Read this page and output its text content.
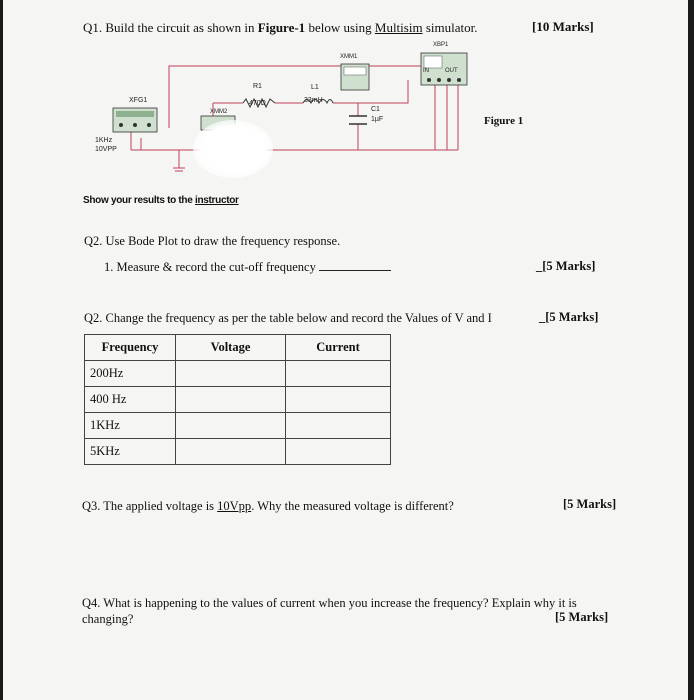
Q1. Build the circuit as shown in Figure-1 below using Multisim simulator.	[10 Marks]
XFG1
XMM2
XMM1
XBP1
R1
470Ω
L1
33mH
C1
1µF
1KHz
10VPP
IN	OUT
Figure 1
Show your results to the instructor
Q2. Use Bode Plot to draw the frequency response.
1. Measure & record the cut-off frequency	_[5 Marks]
Q2. Change the frequency as per the table below and record the Values of V and I	_[5 Marks]
Frequency	Voltage	Current
200Hz		
400 Hz		
1KHz		
5KHz		
Q3. The applied voltage is 10Vpp. Why the measured voltage is different?	[5 Marks]
Q4. What is happening to the values of current when you increase the frequency? Explain why it is
changing?	[5 Marks]
